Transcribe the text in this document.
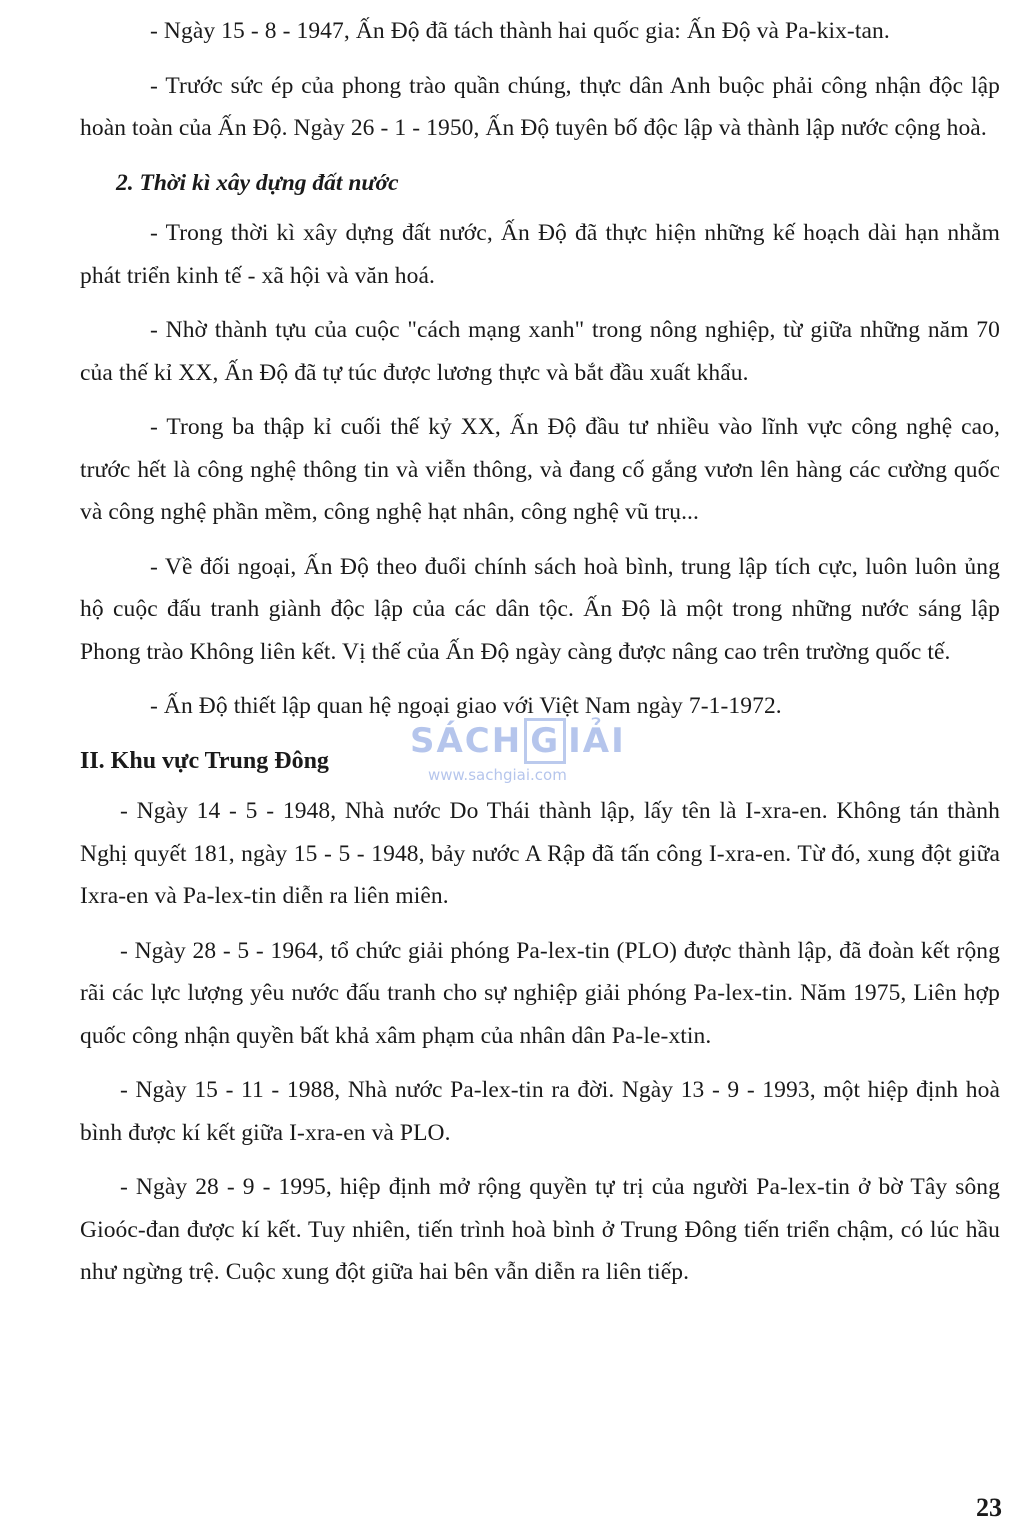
- Ngày 15 - 8 - 1947, Ấn Độ đã tách thành hai quốc gia: Ấn Độ và Pa-kix-tan.

- Trước sức ép của phong trào quần chúng, thực dân Anh buộc phải công nhận độc lập hoàn toàn của Ấn Độ. Ngày 26 - 1 - 1950, Ấn Độ tuyên bố độc lập và thành lập nước cộng hoà.

2. Thời kì xây dựng đất nước

- Trong thời kì xây dựng đất nước, Ấn Độ đã thực hiện những kế hoạch dài hạn nhằm phát triển kinh tế - xã hội và văn hoá.

- Nhờ thành tựu của cuộc "cách mạng xanh" trong nông nghiệp, từ giữa những năm 70 của thế kỉ XX, Ấn Độ đã tự túc được lương thực và bắt đầu xuất khẩu.

- Trong ba thập kỉ cuối thế kỷ XX, Ấn Độ đầu tư nhiều vào lĩnh vực công nghệ cao, trước hết là công nghệ thông tin và viễn thông, và đang cố gắng vươn lên hàng các cường quốc và công nghệ phần mềm, công nghệ hạt nhân, công nghệ vũ trụ...

- Về đối ngoại, Ấn Độ theo đuổi chính sách hoà bình, trung lập tích cực, luôn luôn ủng hộ cuộc đấu tranh giành độc lập của các dân tộc. Ấn Độ là một trong những nước sáng lập Phong trào Không liên kết. Vị thế của Ấn Độ ngày càng được nâng cao trên trường quốc tế.

- Ấn Độ thiết lập quan hệ ngoại giao với Việt Nam ngày 7-1-1972.

II. Khu vực Trung Đông

- Ngày 14 - 5 - 1948, Nhà nước Do Thái thành lập, lấy tên là I-xra-en. Không tán thành Nghị quyết 181, ngày 15 - 5 - 1948, bảy nước A Rập đã tấn công I-xra-en. Từ đó, xung đột giữa Ixra-en và Pa-lex-tin diễn ra liên miên.

- Ngày 28 - 5 - 1964, tổ chức giải phóng Pa-lex-tin (PLO) được thành lập, đã đoàn kết rộng rãi các lực lượng yêu nước đấu tranh cho sự nghiệp giải phóng Pa-lex-tin. Năm 1975, Liên hợp quốc công nhận quyền bất khả xâm phạm của nhân dân Pa-le-xtin.

- Ngày 15 - 11 - 1988, Nhà nước Pa-lex-tin ra đời. Ngày 13 - 9 - 1993, một hiệp định hoà bình được kí kết giữa I-xra-en và PLO.

- Ngày 28 - 9 - 1995, hiệp định mở rộng quyền tự trị của người Pa-lex-tin ở bờ Tây sông Gioóc-đan được kí kết. Tuy nhiên, tiến trình hoà bình ở Trung Đông tiến triển chậm, có lúc hầu như ngừng trệ. Cuộc xung đột giữa hai bên vẫn diễn ra liên tiếp.

SÁCH G IẢI
www.sachgiai.com
23
